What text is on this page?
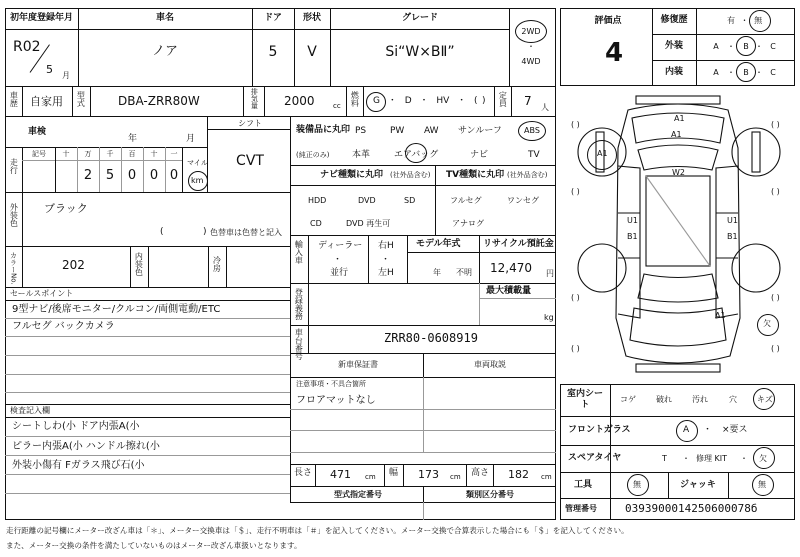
初年度登録年月
R02
5 月
車名
ノア
ドア
5
形状
V
グレード
Si“W×BⅡ”
2WD
・
4WD
車歴 自家用 型式	DBA-ZRR80W	排気量 2000	cc 燃料 G ・ D ・ HV ・ ( ) 定員 7 人
車検
年	月
シフト
CVT
走行
記号 十 万 千 百 十 一
マイル
2 5 0 0 0 km
外装色 ブラック
(	) 色替車は色替と記入
カラーNo.	202	内装色	冷房
セールスポイント
9型ナビ/後席モニター/クルコン/両側電動/ETC
フルセグ バックカメラ
検査記入欄
シートしわ(小 ドア内張A(小
ピラー内張A(小 ハンドル擦れ(小
外装小傷有 Fガラス飛び石(小
装備品に丸印
(純正のみ)
PS	PW AW サンルーフ	ABS
本革	エアバッグ	ナビ	TV
ナビ種類に丸印 (社外品含む) TV種類に丸印 (社外品含む)
HDD	DVD	SD
CD	DVD 再生可
フルセグ	ワンセグ
アナログ
輸入車 ディーラー
・
並行
右H
・
左H
モデル年式
年 不明
リサイクル預託金
12,470 円
登録義務	最大積載量
kg
車台番号	ZRR80-0608919
新車保証書	車両取説
注意事項・不具合箇所
フロアマットなし
長さ 471 cm 幅 173 cm 高さ 182 cm
型式指定番号	類別区分番号
評価点
4
修復歴	有 ・ 無
外装	A ・ B ・ C
内装	A ・ B ・ C
A1
A1
A1
W2
U1
B1
U1
B1
A1
( )	( )
( )	( )
( )	( )
( )	( )
欠
室内シート
コゲ	破れ	汚れ	穴	キズ
フロントガラス	A ・ ×要ス
スペアタイヤ	T ・ 修理 KIT ・ 欠
工具	無	ジャッキ	無
管理番号	0393900014250600078б
走行距離の記号欄にメーター改ざん車は「＊」、メーター交換車は「＄」、走行不明車は「＃」を記入してください。メーター交換で合算表示した場合にも「＄」を記入してください。
また、メーター交換の条件を満たしていないものはメーター改ざん車扱いとなります。
